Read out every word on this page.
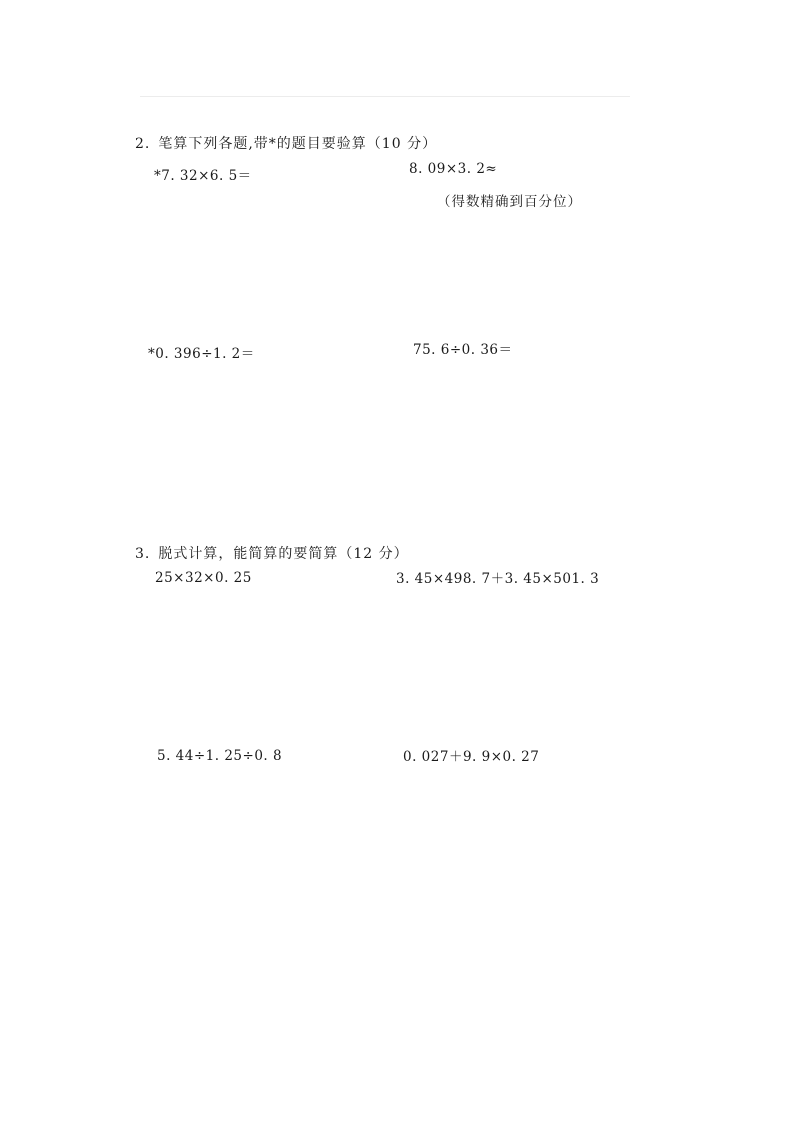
2. 笔算下列各题,带*的题目要验算（10 分）
*7. 32×6. 5＝	8. 09×3. 2≈
（得数精确到百分位）
*0. 396÷1. 2＝	75. 6÷0. 36＝
3. 脱式计算，能简算的要简算（12 分）
25×32×0. 25	3. 45×498. 7＋3. 45×501. 3
5. 44÷1. 25÷0. 8	0. 027＋9. 9×0. 27
